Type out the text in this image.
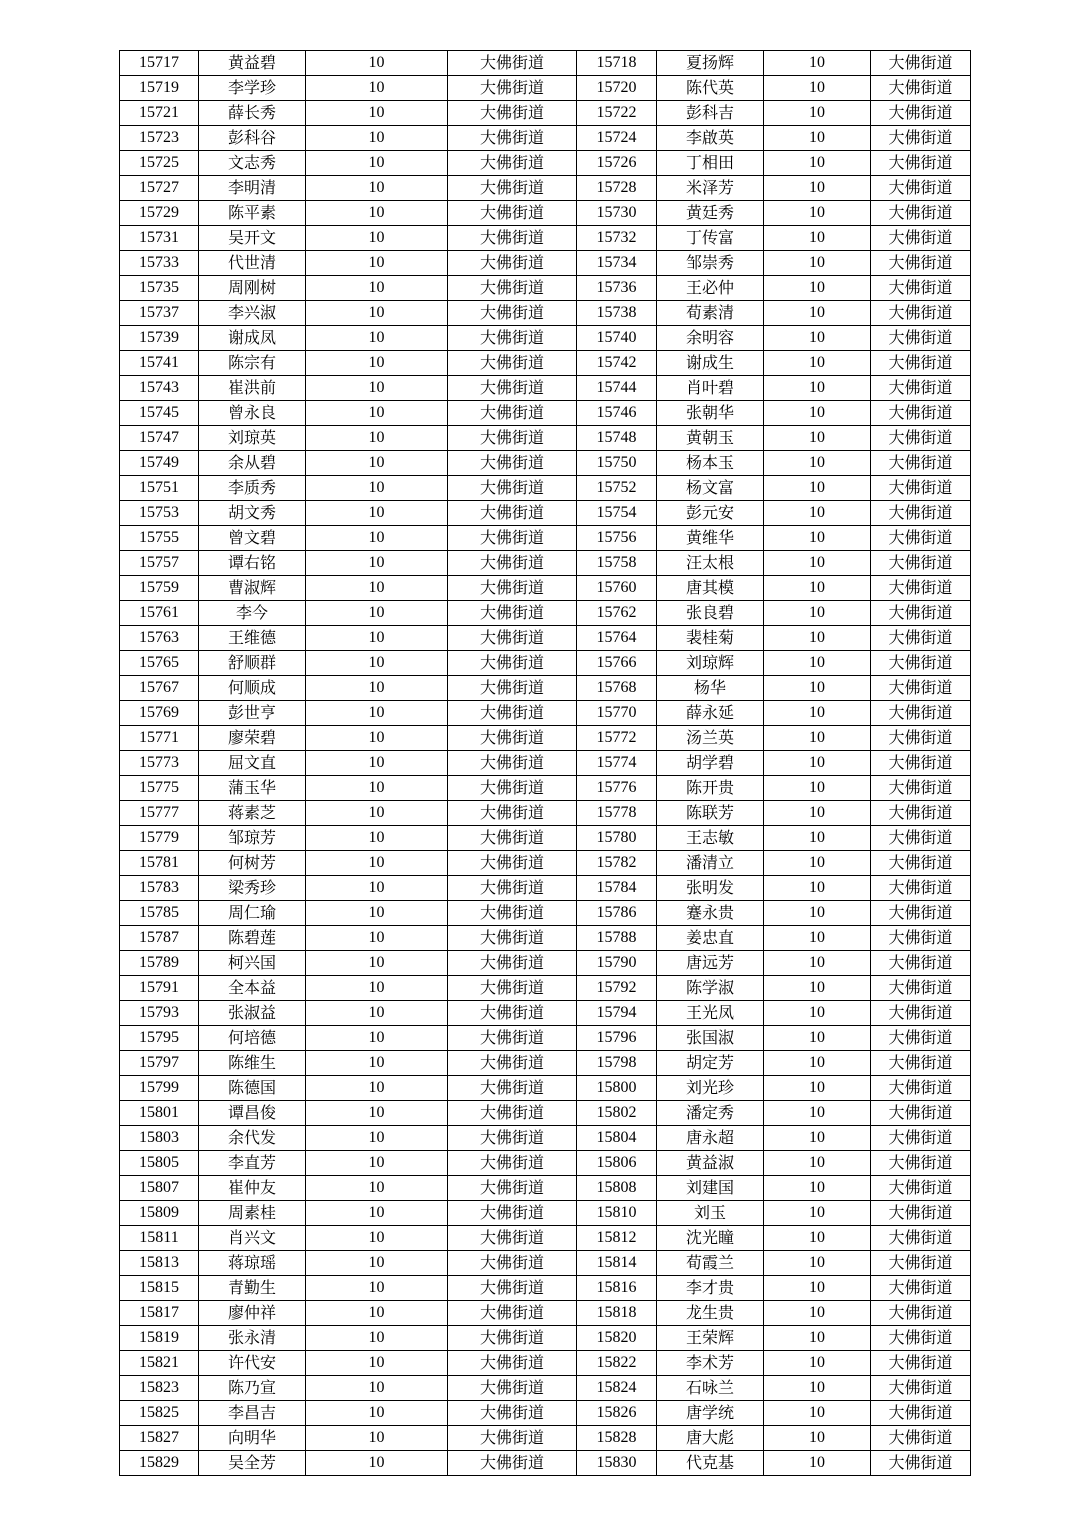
15717	黄益碧	10	大佛街道	15718	夏扬辉	10	大佛街道
15719	李学珍	10	大佛街道	15720	陈代英	10	大佛街道
15721	薛长秀	10	大佛街道	15722	彭科吉	10	大佛街道
15723	彭科谷	10	大佛街道	15724	李啟英	10	大佛街道
15725	文志秀	10	大佛街道	15726	丁相田	10	大佛街道
15727	李明清	10	大佛街道	15728	米泽芳	10	大佛街道
15729	陈平素	10	大佛街道	15730	黄廷秀	10	大佛街道
15731	吴开文	10	大佛街道	15732	丁传富	10	大佛街道
15733	代世清	10	大佛街道	15734	邹崇秀	10	大佛街道
15735	周刚树	10	大佛街道	15736	王必仲	10	大佛街道
15737	李兴淑	10	大佛街道	15738	荀素清	10	大佛街道
15739	谢成凤	10	大佛街道	15740	余明容	10	大佛街道
15741	陈宗有	10	大佛街道	15742	谢成生	10	大佛街道
15743	崔洪前	10	大佛街道	15744	肖叶碧	10	大佛街道
15745	曾永良	10	大佛街道	15746	张朝华	10	大佛街道
15747	刘琼英	10	大佛街道	15748	黄朝玉	10	大佛街道
15749	余从碧	10	大佛街道	15750	杨本玉	10	大佛街道
15751	李质秀	10	大佛街道	15752	杨文富	10	大佛街道
15753	胡文秀	10	大佛街道	15754	彭元安	10	大佛街道
15755	曾文碧	10	大佛街道	15756	黄维华	10	大佛街道
15757	谭右铭	10	大佛街道	15758	汪太根	10	大佛街道
15759	曹淑辉	10	大佛街道	15760	唐其模	10	大佛街道
15761	李今	10	大佛街道	15762	张良碧	10	大佛街道
15763	王维德	10	大佛街道	15764	裴桂菊	10	大佛街道
15765	舒顺群	10	大佛街道	15766	刘琼辉	10	大佛街道
15767	何顺成	10	大佛街道	15768	杨华	10	大佛街道
15769	彭世亨	10	大佛街道	15770	薛永延	10	大佛街道
15771	廖荣碧	10	大佛街道	15772	汤兰英	10	大佛街道
15773	屈文直	10	大佛街道	15774	胡学碧	10	大佛街道
15775	蒲玉华	10	大佛街道	15776	陈开贵	10	大佛街道
15777	蒋素芝	10	大佛街道	15778	陈联芳	10	大佛街道
15779	邹琼芳	10	大佛街道	15780	王志敏	10	大佛街道
15781	何树芳	10	大佛街道	15782	潘清立	10	大佛街道
15783	梁秀珍	10	大佛街道	15784	张明发	10	大佛街道
15785	周仁瑜	10	大佛街道	15786	蹇永贵	10	大佛街道
15787	陈碧莲	10	大佛街道	15788	姜忠直	10	大佛街道
15789	柯兴国	10	大佛街道	15790	唐远芳	10	大佛街道
15791	全本益	10	大佛街道	15792	陈学淑	10	大佛街道
15793	张淑益	10	大佛街道	15794	王光凤	10	大佛街道
15795	何培德	10	大佛街道	15796	张国淑	10	大佛街道
15797	陈维生	10	大佛街道	15798	胡定芳	10	大佛街道
15799	陈德国	10	大佛街道	15800	刘光珍	10	大佛街道
15801	谭昌俊	10	大佛街道	15802	潘定秀	10	大佛街道
15803	余代发	10	大佛街道	15804	唐永超	10	大佛街道
15805	李直芳	10	大佛街道	15806	黄益淑	10	大佛街道
15807	崔仲友	10	大佛街道	15808	刘建国	10	大佛街道
15809	周素桂	10	大佛街道	15810	刘玉	10	大佛街道
15811	肖兴文	10	大佛街道	15812	沈光瞳	10	大佛街道
15813	蒋琼瑶	10	大佛街道	15814	荀霞兰	10	大佛街道
15815	青勤生	10	大佛街道	15816	李才贵	10	大佛街道
15817	廖仲祥	10	大佛街道	15818	龙生贵	10	大佛街道
15819	张永清	10	大佛街道	15820	王荣辉	10	大佛街道
15821	许代安	10	大佛街道	15822	李术芳	10	大佛街道
15823	陈乃宣	10	大佛街道	15824	石咏兰	10	大佛街道
15825	李昌吉	10	大佛街道	15826	唐学统	10	大佛街道
15827	向明华	10	大佛街道	15828	唐大彪	10	大佛街道
15829	吴全芳	10	大佛街道	15830	代克基	10	大佛街道
